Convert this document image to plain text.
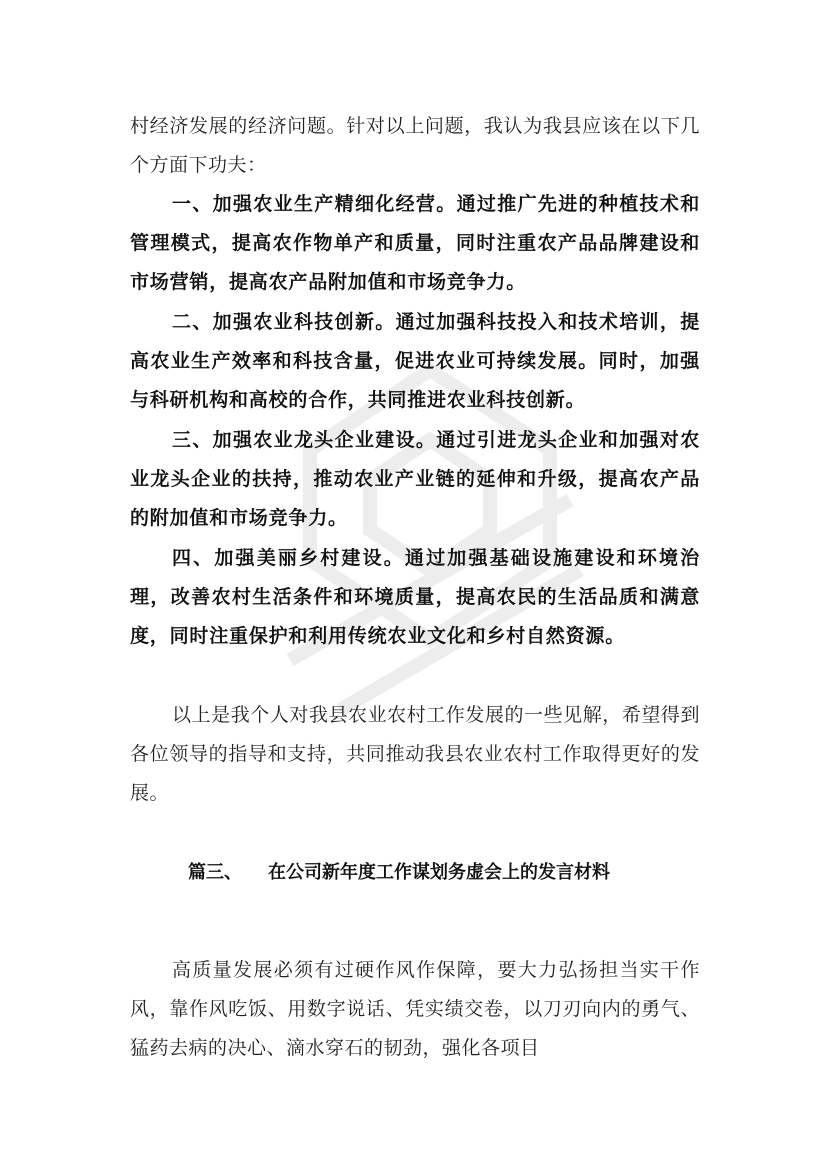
村经济发展的经济问题。针对以上问题，我认为我县应该在以下几个方面下功夫：

一、加强农业生产精细化经营。通过推广先进的种植技术和管理模式，提高农作物单产和质量，同时注重农产品品牌建设和市场营销，提高农产品附加值和市场竞争力。

二、加强农业科技创新。通过加强科技投入和技术培训，提高农业生产效率和科技含量，促进农业可持续发展。同时，加强与科研机构和高校的合作，共同推进农业科技创新。

三、加强农业龙头企业建设。通过引进龙头企业和加强对农业龙头企业的扶持，推动农业产业链的延伸和升级，提高农产品的附加值和市场竞争力。

四、加强美丽乡村建设。通过加强基础设施建设和环境治理，改善农村生活条件和环境质量，提高农民的生活品质和满意度，同时注重保护和利用传统农业文化和乡村自然资源。

以上是我个人对我县农业农村工作发展的一些见解，希望得到各位领导的指导和支持，共同推动我县农业农村工作取得更好的发展。

篇三、 在公司新年度工作谋划务虚会上的发言材料

高质量发展必须有过硬作风作保障，要大力弘扬担当实干作风，靠作风吃饭、用数字说话、凭实绩交卷，以刀刃向内的勇气、猛药去病的决心、滴水穿石的韧劲，强化各项目
